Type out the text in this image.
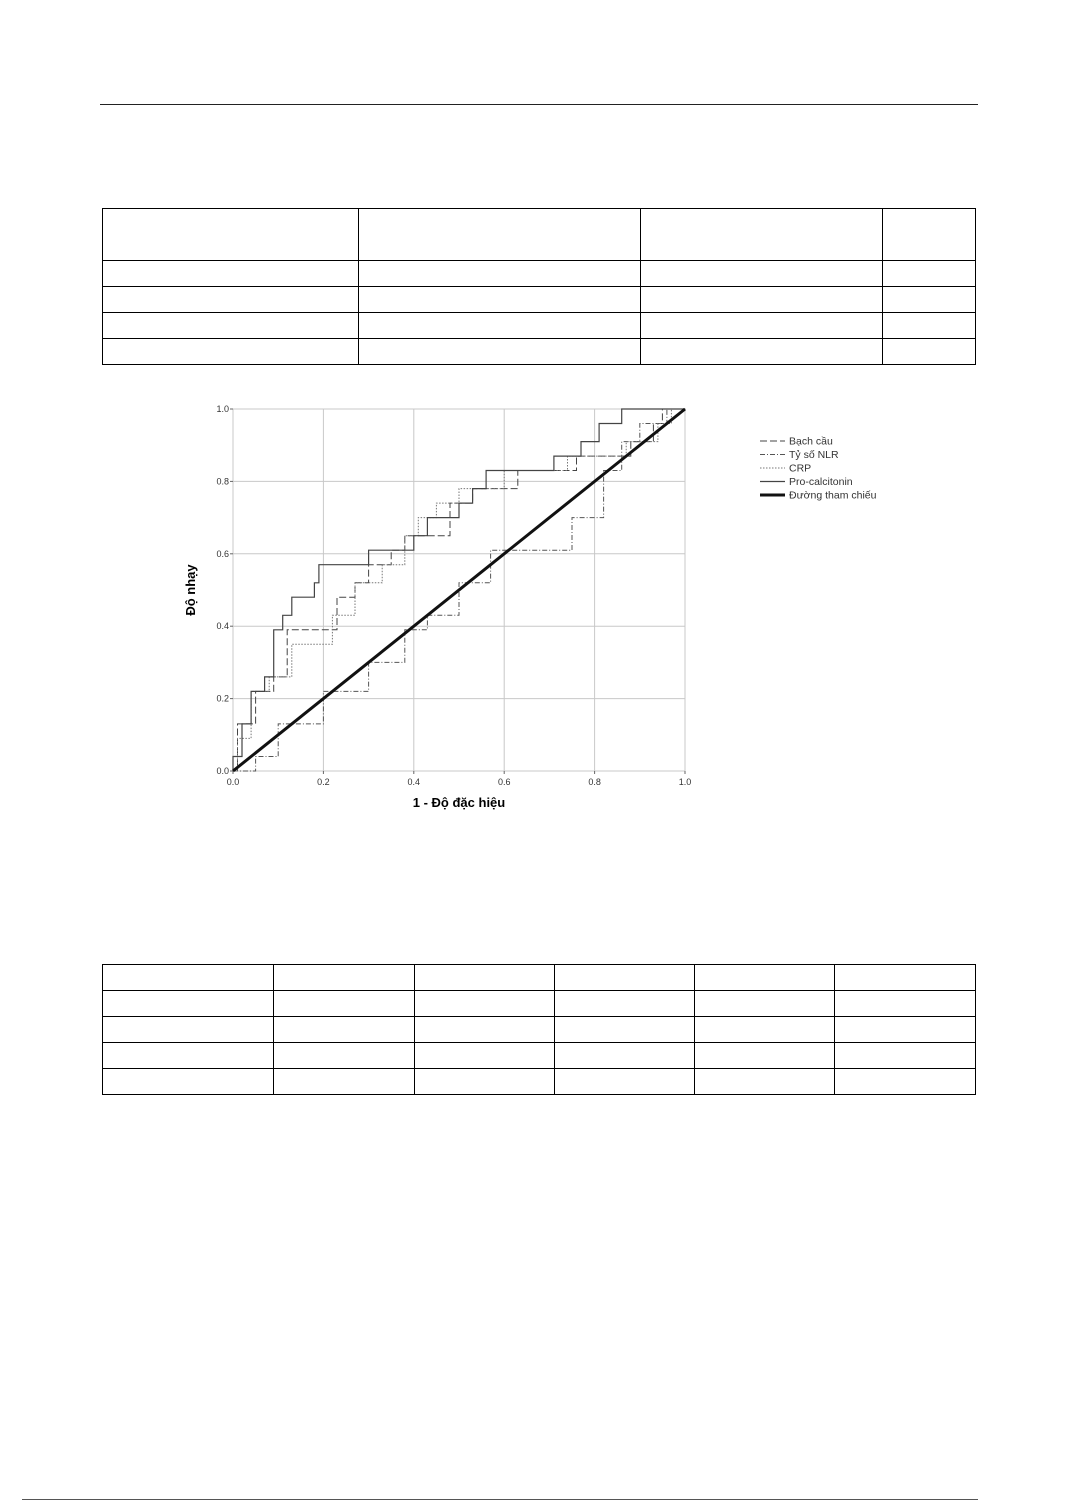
0.0	0.2	0.4	0.6	0.8	1.0
0.0
0.2
0.4
0.6
0.8
1.0
1 - Độ đặc hiệu
Độ nhạy
Bạch cầu
Tỷ số NLR
CRP
Pro-calcitonin
Đường tham chiếu
